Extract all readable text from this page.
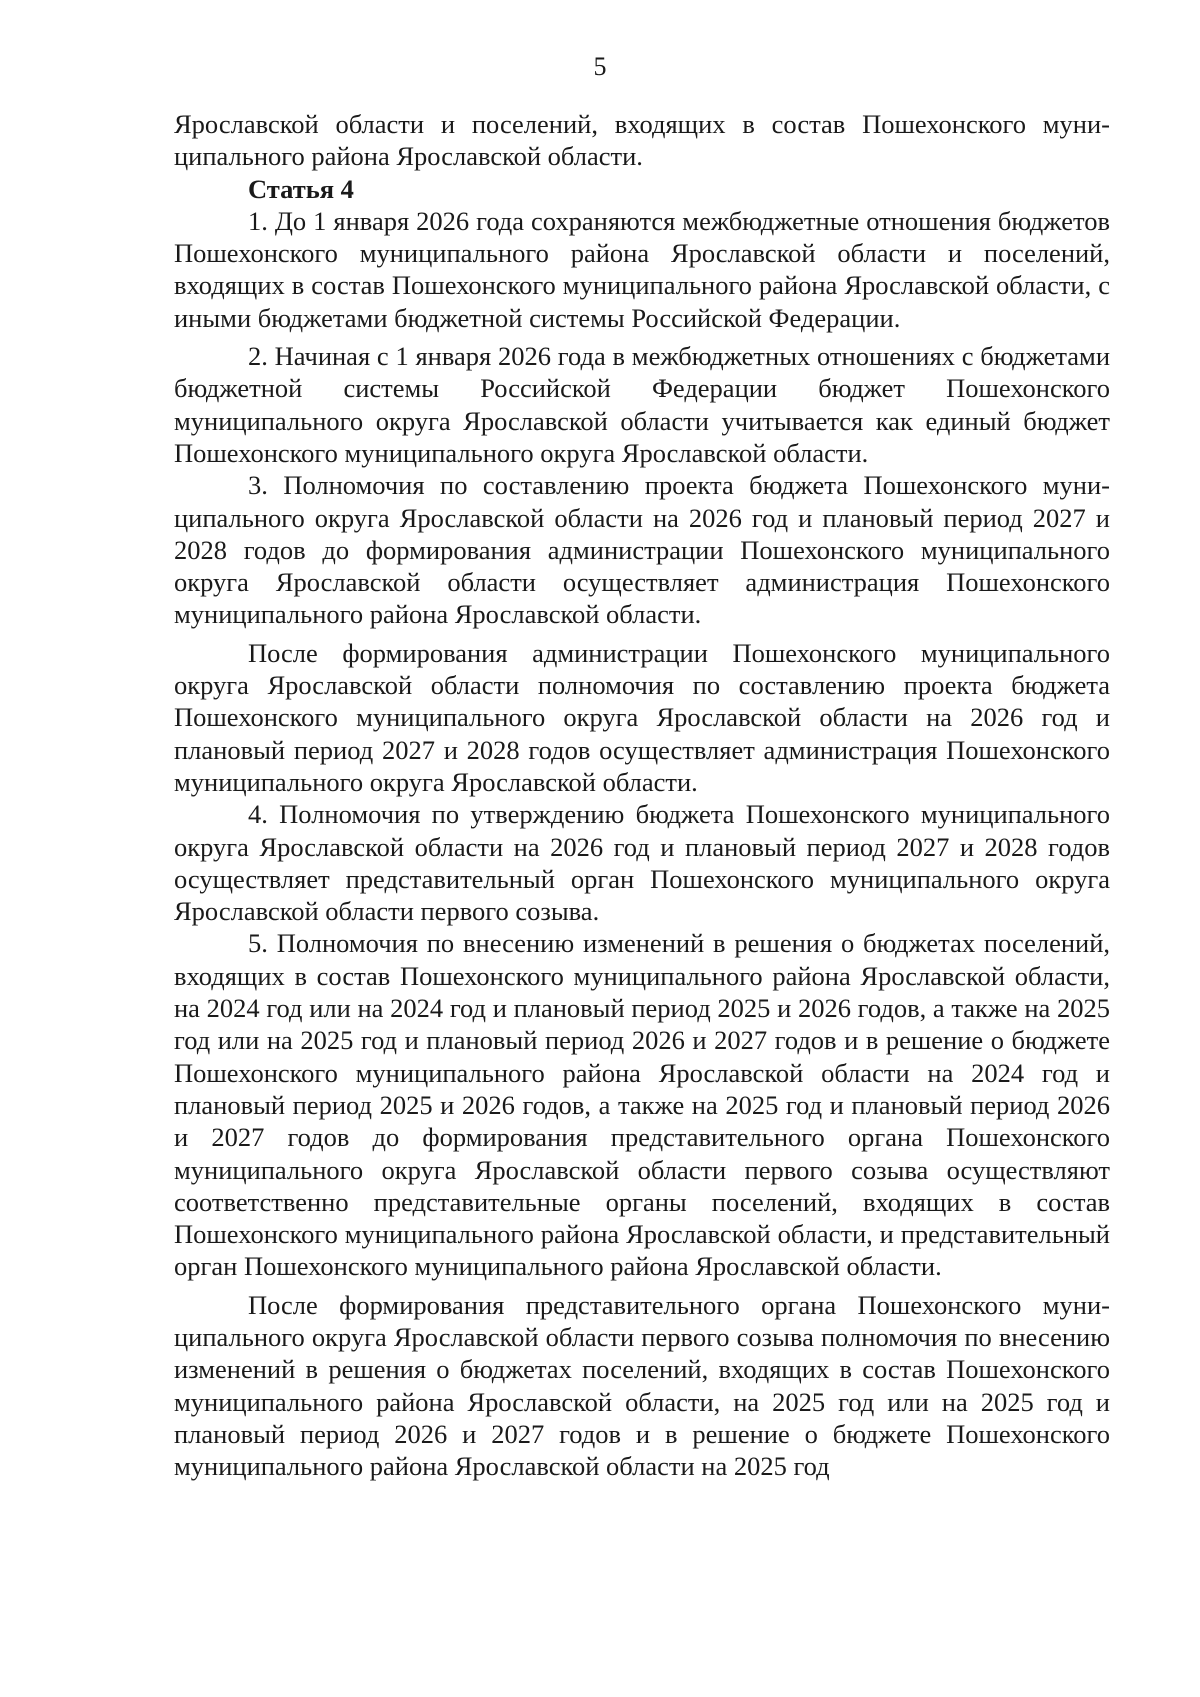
5

Ярославской области и поселений, входящих в состав Пошехонского муниципального района Ярославской области.

Статья 4

1. До 1 января 2026 года сохраняются межбюджетные отношения бюджетов Пошехонского муниципального района Ярославской области и поселений, входящих в состав Пошехонского муниципального района Ярославской области, с иными бюджетами бюджетной системы Российской Федерации.

2. Начиная с 1 января 2026 года в межбюджетных отношениях с бюджетами бюджетной системы Российской Федерации бюджет Пошехонского муниципального округа Ярославской области учитывается как единый бюджет Пошехонского муниципального округа Ярославской области.

3. Полномочия по составлению проекта бюджета Пошехонского муниципального округа Ярославской области на 2026 год и плановый период 2027 и 2028 годов до формирования администрации Пошехонского муниципального округа Ярославской области осуществляет администрация Пошехонского муниципального района Ярославской области.

После формирования администрации Пошехонского муниципального округа Ярославской области полномочия по составлению проекта бюджета Пошехонского муниципального округа Ярославской области на 2026 год и плановый период 2027 и 2028 годов осуществляет администрация Пошехонского муниципального округа Ярославской области.

4. Полномочия по утверждению бюджета Пошехонского муниципального округа Ярославской области на 2026 год и плановый период 2027 и 2028 годов осуществляет представительный орган Пошехонского муниципального округа Ярославской области первого созыва.

5. Полномочия по внесению изменений в решения о бюджетах поселений, входящих в состав Пошехонского муниципального района Ярославской области, на 2024 год или на 2024 год и плановый период 2025 и 2026 годов, а также на 2025 год или на 2025 год и плановый период 2026 и 2027 годов и в решение о бюджете Пошехонского муниципального района Ярославской области на 2024 год и плановый период 2025 и 2026 годов, а также на 2025 год и плановый период 2026 и 2027 годов до формирования представительного органа Пошехонского муниципального округа Ярославской области первого созыва осуществляют соответственно представительные органы поселений, входящих в состав Пошехонского муниципального района Ярославской области, и представительный орган Пошехонского муниципального района Ярославской области.

После формирования представительного органа Пошехонского муниципального округа Ярославской области первого созыва полномочия по внесению изменений в решения о бюджетах поселений, входящих в состав Пошехонского муниципального района Ярославской области, на 2025 год или на 2025 год и плановый период 2026 и 2027 годов и в решение о бюджете Пошехонского муниципального района Ярославской области на 2025 год
